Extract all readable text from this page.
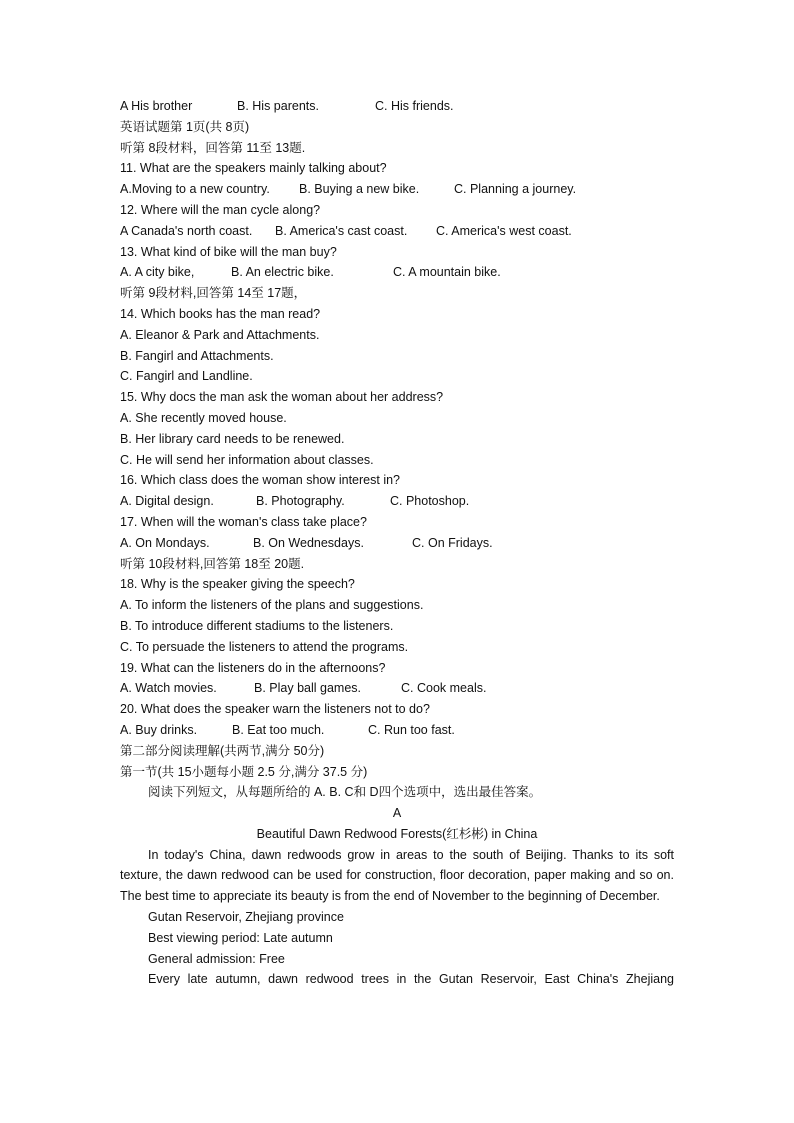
A His brother	B. His parents.	C. His friends.
英语试题第 1页(共 8页)
听第 8段材料，回答第 11至 13题.
11. What are the speakers mainly talking about?
A.Moving to a new country. B. Buying a new bike.	C. Planning a journey.
12. Where will the man cycle along?
A Canada's north coast. B. America's cast coast. C. America's west coast.
13. What kind of bike will the man buy?
A. A city bike,	B. An electric bike.	C. A mountain bike.
听第 9段材料,回答第 14至 17题，
14. Which books has the man read?
A. Eleanor & Park and Attachments.
B. Fangirl and Attachments.
C. Fangirl and Landline.
15. Why docs the man ask the woman about her address?
A. She recently moved house.
B. Her library card needs to be renewed.
C. He will send her information about classes.
16. Which class does the woman show interest in?
A. Digital design.	B. Photography.	C. Photoshop.
17. When will the woman's class take place?
A. On Mondays.	B. On Wednesdays.	C. On Fridays.
听第 10段材料,回答第 18至 20题.
18. Why is the speaker giving the speech?
A. To inform the listeners of the plans and suggestions.
B. To introduce different stadiums to the listeners.
C. To persuade the listeners to attend the programs.
19. What can the listeners do in the afternoons?
A. Watch movies.	B. Play ball games.	C. Cook meals.
20. What does the speaker warn the listeners not to do?
A. Buy drinks.	B. Eat too much.	C. Run too fast.
第二部分阅读理解(共两节,满分 50分)
第一节(共 15小题每小题 2.5 分,满分 37.5 分)
阅读下列短文，从每题所给的 A. B. C和 D四个选项中，选出最佳答案。
A
Beautiful Dawn Redwood Forests(红杉彬) in China
In today's China, dawn redwoods grow in areas to the south of Beijing. Thanks to its soft texture, the dawn redwood can be used for construction, floor decoration, paper making and so on. The best time to appreciate its beauty is from the end of November to the beginning of December.
Gutan Reservoir, Zhejiang province
Best viewing period: Late autumn
General admission: Free
Every late autumn, dawn redwood trees in the Gutan Reservoir, East China's Zhejiang
